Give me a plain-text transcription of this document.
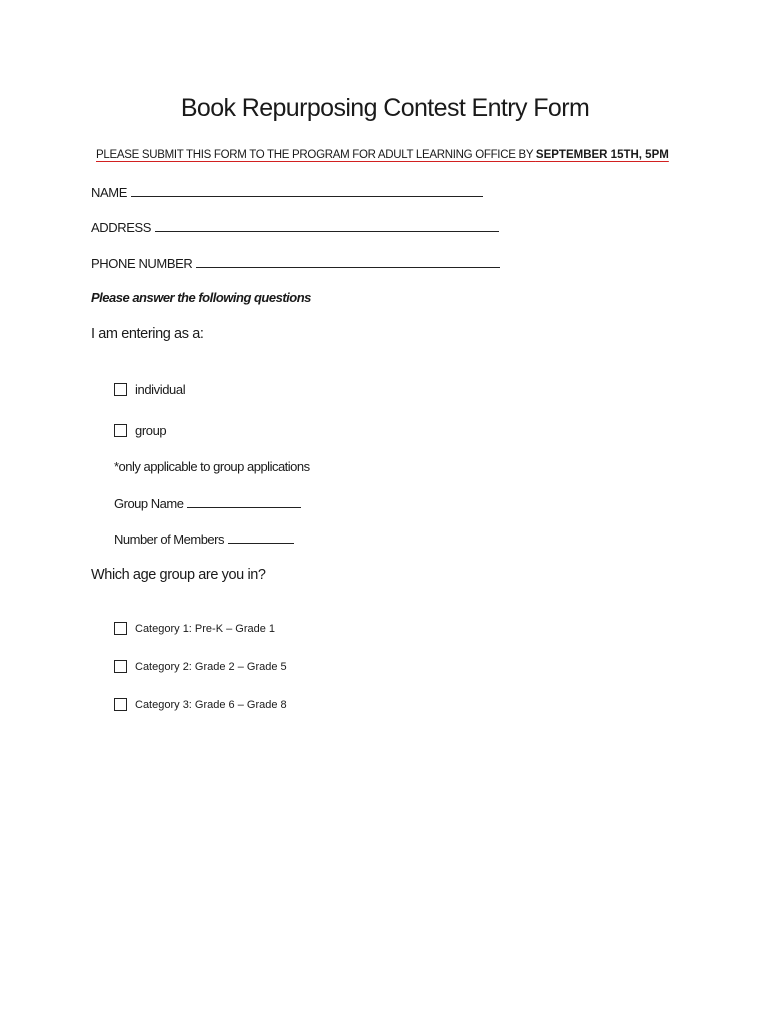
Book Repurposing Contest Entry Form
PLEASE SUBMIT THIS FORM TO THE PROGRAM FOR ADULT LEARNING OFFICE BY SEPTEMBER 15TH, 5PM
NAME
ADDRESS
PHONE NUMBER
Please answer the following questions
I am entering as a:
individual
group
*only applicable to group applications
Group Name
Number of Members
Which age group are you in?
Category 1: Pre-K – Grade 1
Category 2: Grade 2 – Grade 5
Category 3: Grade 6 – Grade 8
